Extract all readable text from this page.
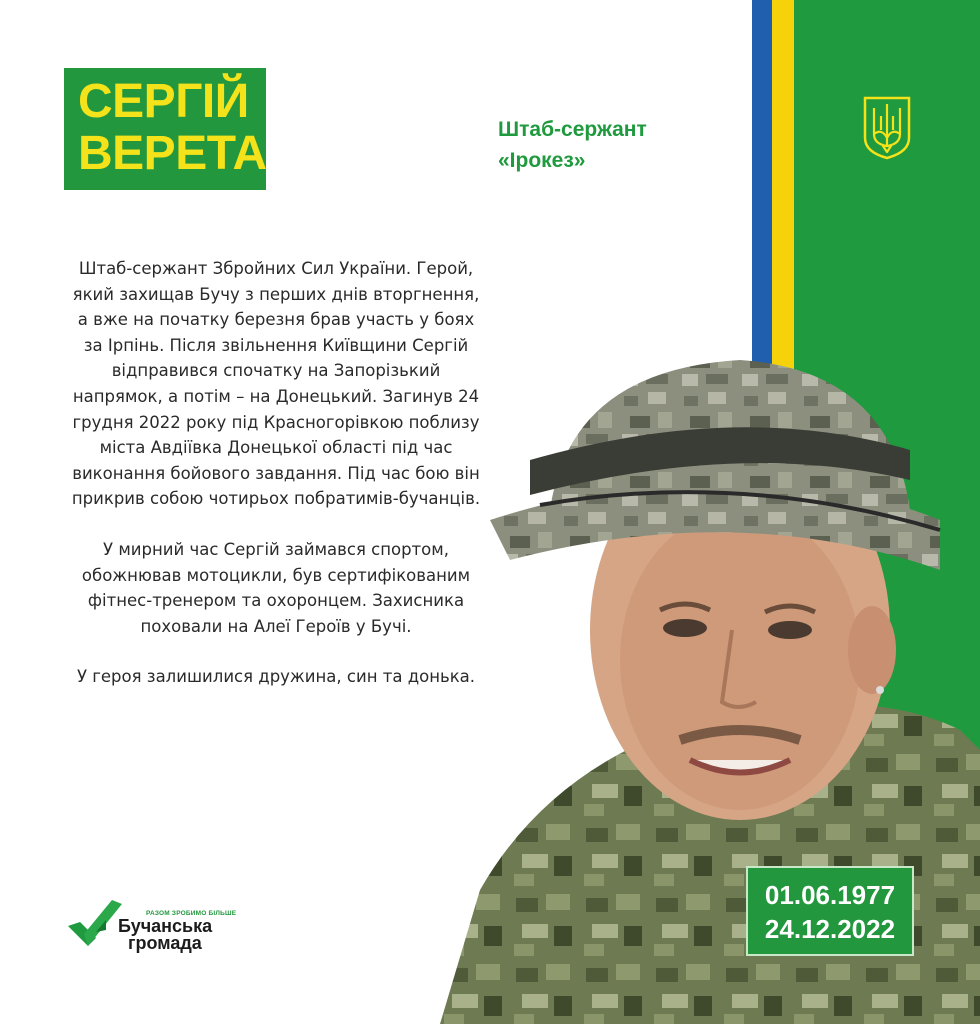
СЕРГІЙ
ВЕРЕТА	Штаб-сержант
«Ірокез»

Штаб-сержант Збройних Сил України. Герой, який захищав Бучу з перших днів вторгнення, а вже на початку березня брав участь у боях за Ірпінь. Після звільнення Київщини Сергій відправився спочатку на Запорізький напрямок, а потім – на Донецький. Загинув 24 грудня 2022 року під Красногорівкою поблизу міста Авдіївка Донецької області під час виконання бойового завдання. Під час бою він прикрив собою чотирьох побратимів-бучанців.

У мирний час Сергій займався спортом, обожнював мотоцикли, був сертифікованим фітнес-тренером та охоронцем. Захисника поховали на Алеї Героїв у Бучі.

У героя залишилися дружина, син та донька.

01.06.1977
24.12.2022
РАЗОМ ЗРОБИМО БІЛЬШЕ
Бучанська
громада
